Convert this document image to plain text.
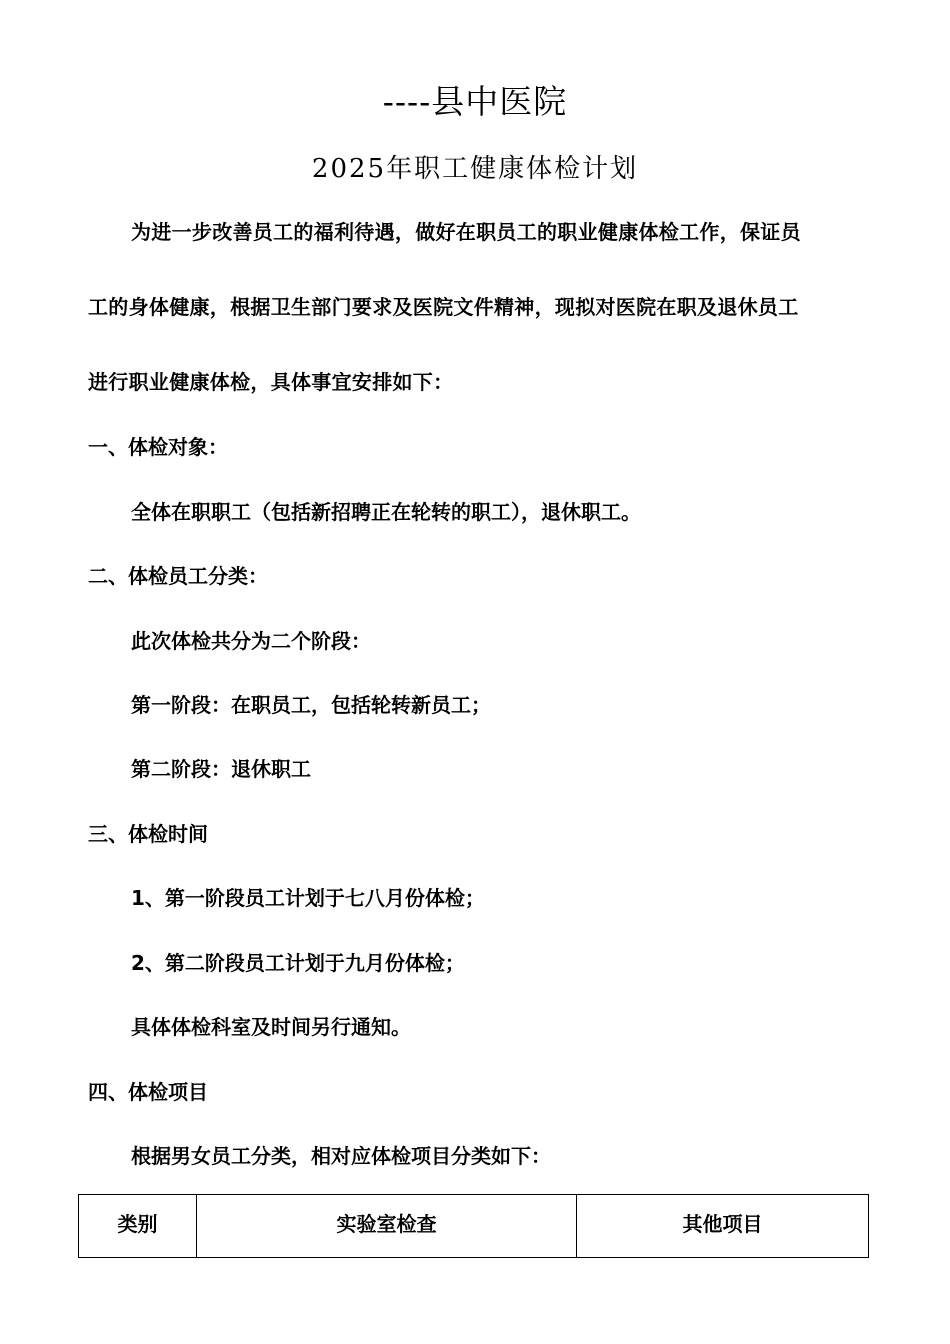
----县中医院
2025年职工健康体检计划
为进一步改善员工的福利待遇，做好在职员工的职业健康体检工作，保证员
工的身体健康，根据卫生部门要求及医院文件精神，现拟对医院在职及退休员工
进行职业健康体检，具体事宜安排如下：
一、体检对象：
全体在职职工（包括新招聘正在轮转的职工），退休职工。
二、体检员工分类：
此次体检共分为二个阶段：
第一阶段：在职员工，包括轮转新员工；
第二阶段：退休职工
三、体检时间
1、第一阶段员工计划于七八月份体检；
2、第二阶段员工计划于九月份体检；
具体体检科室及时间另行通知。
四、体检项目
根据男女员工分类，相对应体检项目分类如下：
类别	实验室检查	其他项目
